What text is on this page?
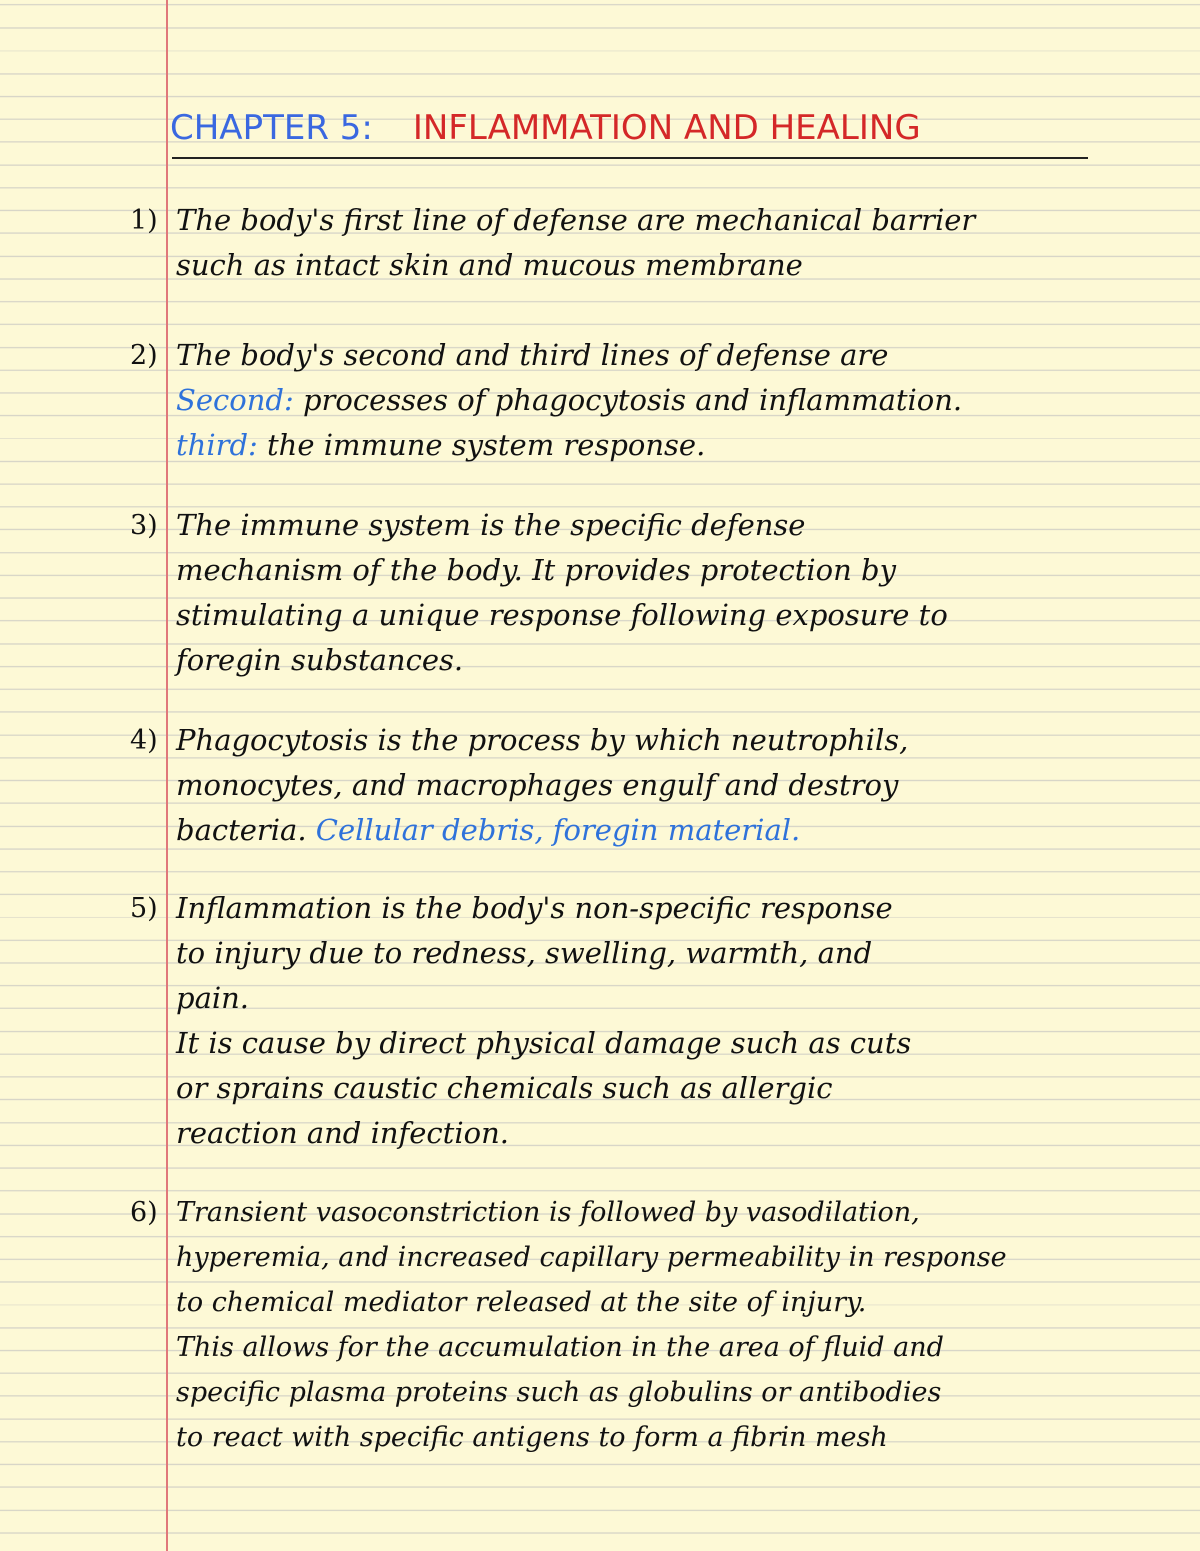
CHAPTER 5: INFLAMMATION AND HEALING
1) The body's first line of defense are mechanical barrier
such as intact skin and mucous membrane
2) The body's second and third lines of defense are
Second: processes of phagocytosis and inflammation.
third: the immune system response.
3) The immune system is the specific defense
mechanism of the body. It provides protection by
stimulating a unique response following exposure to
foregin substances.
4) Phagocytosis is the process by which neutrophils,
monocytes, and macrophages engulf and destroy
bacteria. Cellular debris, foregin material.
5) Inflammation is the body's non-specific response
to injury due to redness, swelling, warmth, and
pain.
It is cause by direct physical damage such as cuts
or sprains caustic chemicals such as allergic
reaction and infection.
6) Transient vasoconstriction is followed by vasodilation,
hyperemia, and increased capillary permeability in response
to chemical mediator released at the site of injury.
This allows for the accumulation in the area of fluid and
specific plasma proteins such as globulins or antibodies
to react with specific antigens to form a fibrin mesh
